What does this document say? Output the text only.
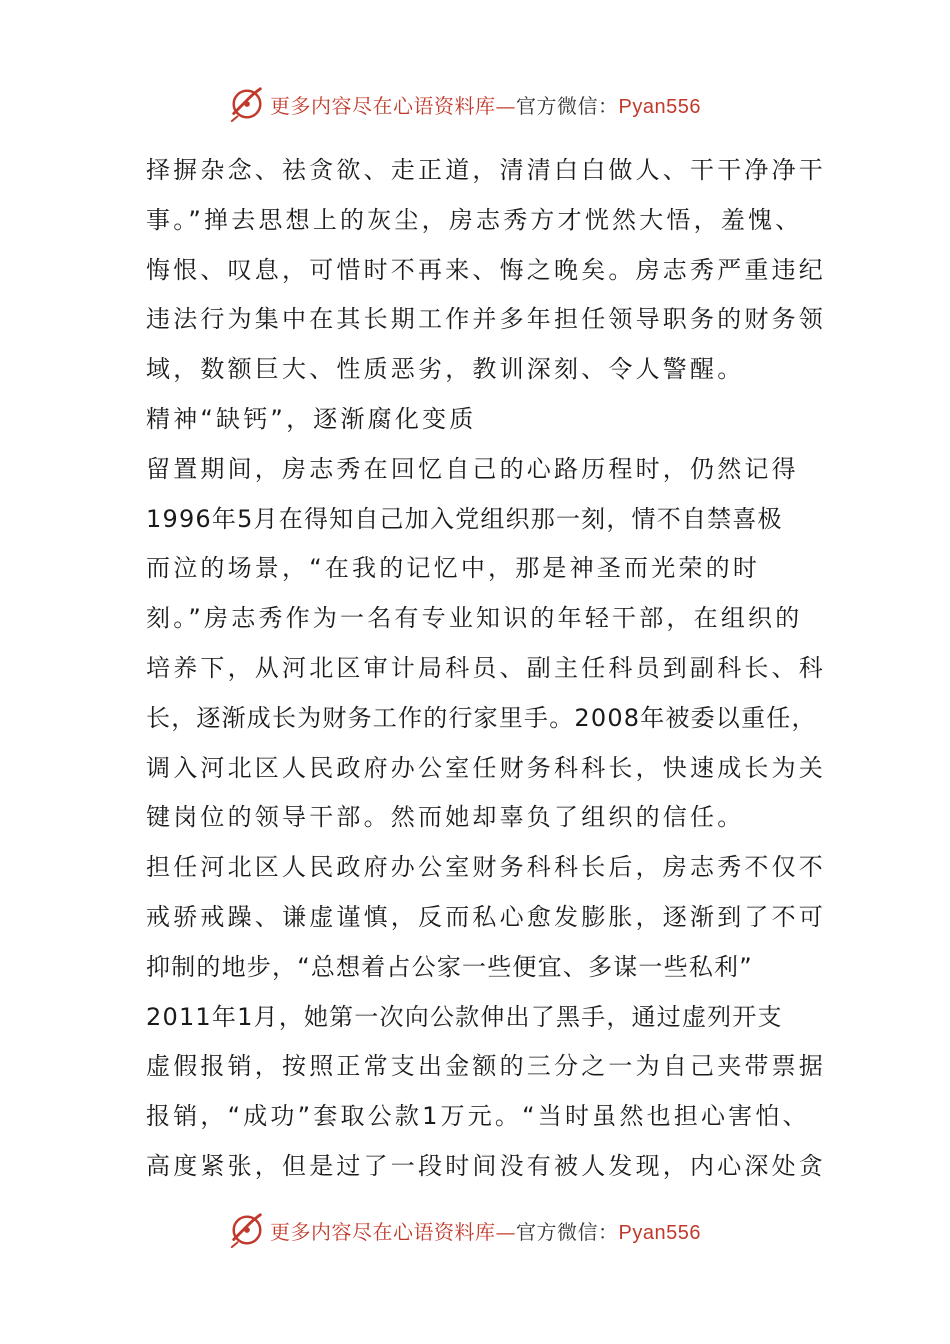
更多内容尽在心语资料库—官方微信：Pyan556
择摒杂念、祛贪欲、走正道，清清白白做人、干干净净干
事。”掸去思想上的灰尘，房志秀方才恍然大悟，羞愧、
悔恨、叹息，可惜时不再来、悔之晚矣。房志秀严重违纪
违法行为集中在其长期工作并多年担任领导职务的财务领
域，数额巨大、性质恶劣，教训深刻、令人警醒。
精神“缺钙”，逐渐腐化变质
留置期间，房志秀在回忆自己的心路历程时，仍然记得
1996年5月在得知自己加入党组织那一刻，情不自禁喜极
而泣的场景，“在我的记忆中，那是神圣而光荣的时
刻。”房志秀作为一名有专业知识的年轻干部，在组织的
培养下，从河北区审计局科员、副主任科员到副科长、科
长，逐渐成长为财务工作的行家里手。2008年被委以重任，
调入河北区人民政府办公室任财务科科长，快速成长为关
键岗位的领导干部。然而她却辜负了组织的信任。
担任河北区人民政府办公室财务科科长后，房志秀不仅不
戒骄戒躁、谦虚谨慎，反而私心愈发膨胀，逐渐到了不可
抑制的地步，“总想着占公家一些便宜、多谋一些私利”
2011年1月，她第一次向公款伸出了黑手，通过虚列开支
虚假报销，按照正常支出金额的三分之一为自己夹带票据
报销，“成功”套取公款1万元。“当时虽然也担心害怕、
高度紧张，但是过了一段时间没有被人发现，内心深处贪
更多内容尽在心语资料库—官方微信：Pyan556
